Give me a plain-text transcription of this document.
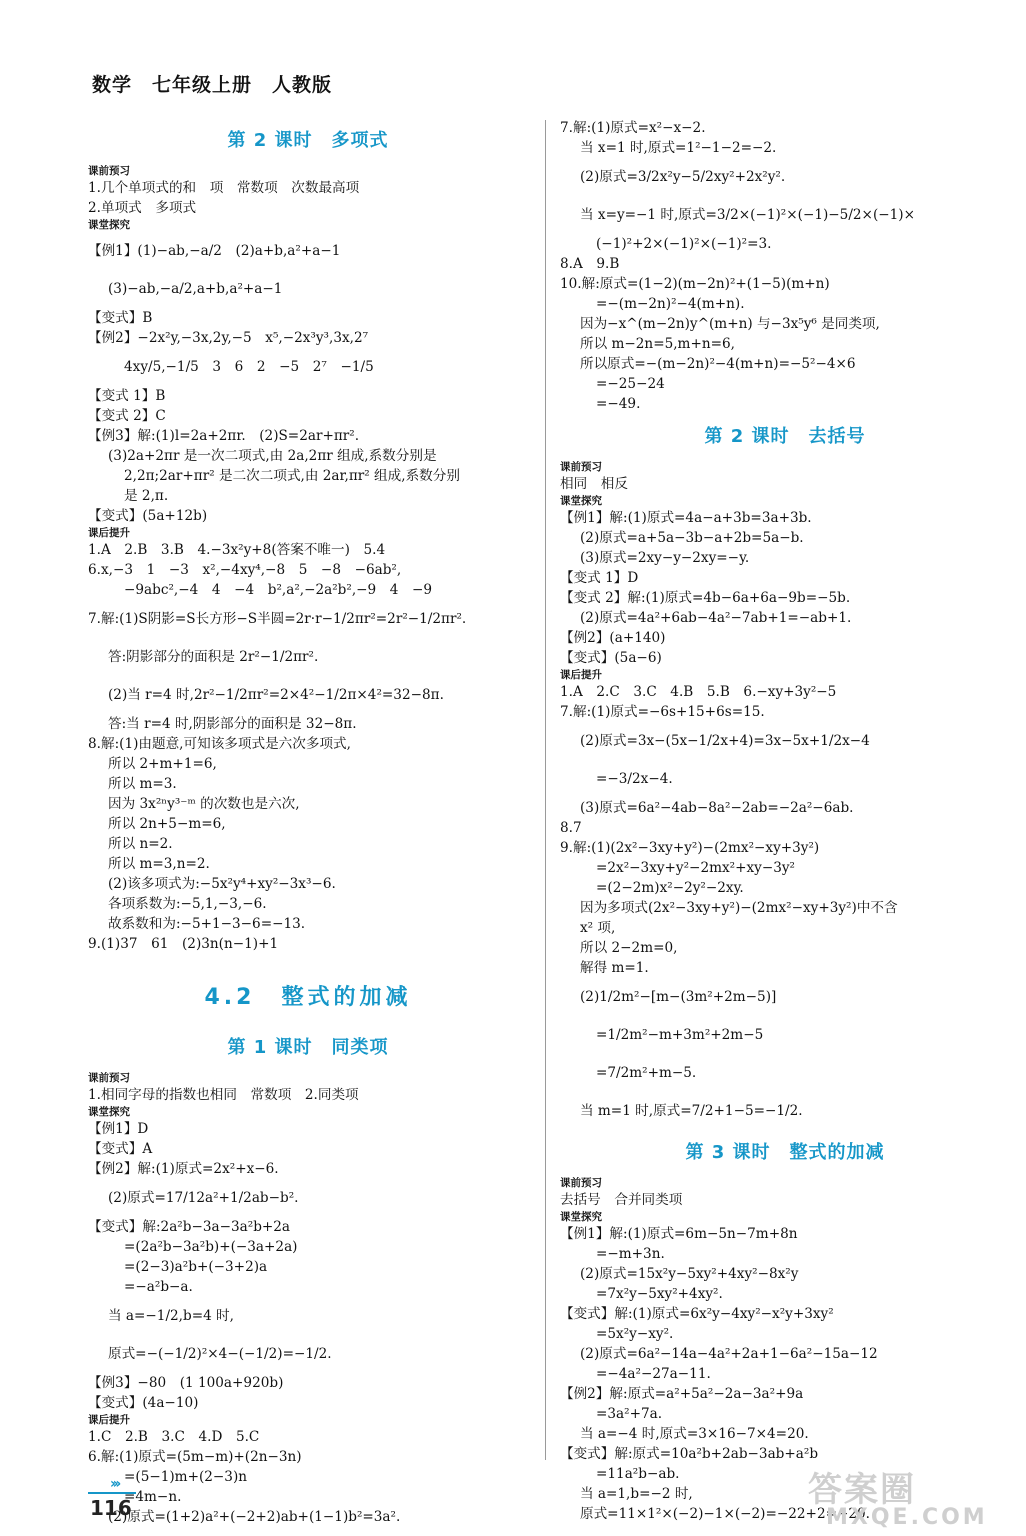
数学　七年级上册　人教版
第 2 课时　多项式
课前预习
1.几个单项式的和　项　常数项　次数最高项
2.单项式　多项式
课堂探究
【例1】(1)−ab,−a/2　(2)a+b,a²+a−1
(3)−ab,−a/2,a+b,a²+a−1
【变式】B
【例2】−2x²y,−3x,2y,−5　x⁵,−2x³y³,3x,2⁷
4xy/5,−1/5　3　6　2　−5　2⁷　−1/5
【变式 1】B
【变式 2】C
【例3】解:(1)l=2a+2πr.　(2)S=2ar+πr².
(3)2a+2πr 是一次二项式,由 2a,2πr 组成,系数分别是
2,2π;2ar+πr² 是二次二项式,由 2ar,πr² 组成,系数分别
是 2,π.
【变式】(5a+12b)
课后提升
1.A　2.B　3.B　4.−3x²y+8(答案不唯一)　5.4
6.x,−3　1　−3　x²,−4xy⁴,−8　5　−8　−6ab²,
−9abc²,−4　4　−4　b²,a²,−2a²b²,−9　4　−9
7.解:(1)S阴影=S长方形−S半圆=2r·r−1/2πr²=2r²−1/2πr².
答:阴影部分的面积是 2r²−1/2πr².
(2)当 r=4 时,2r²−1/2πr²=2×4²−1/2π×4²=32−8π.
答:当 r=4 时,阴影部分的面积是 32−8π.
8.解:(1)由题意,可知该多项式是六次多项式,
所以 2+m+1=6,
所以 m=3.
因为 3x²ⁿy³⁻ᵐ 的次数也是六次,
所以 2n+5−m=6,
所以 n=2.
所以 m=3,n=2.
(2)该多项式为:−5x²y⁴+xy²−3x³−6.
各项系数为:−5,1,−3,−6.
故系数和为:−5+1−3−6=−13.
9.(1)37　61　(2)3n(n−1)+1
4.2　整式的加减
第 1 课时　同类项
课前预习
1.相同字母的指数也相同　常数项　2.同类项
课堂探究
【例1】D
【变式】A
【例2】解:(1)原式=2x²+x−6.
(2)原式=17/12a²+1/2ab−b².
【变式】解:2a²b−3a−3a²b+2a
=(2a²b−3a²b)+(−3a+2a)
=(2−3)a²b+(−3+2)a
=−a²b−a.
当 a=−1/2,b=4 时,
原式=−(−1/2)²×4−(−1/2)=−1/2.
【例3】−80　(1 100a+920b)
【变式】(4a−10)
课后提升
1.C　2.B　3.C　4.D　5.C
6.解:(1)原式=(5m−m)+(2n−3n)
=(5−1)m+(2−3)n
=4m−n.
(2)原式=(1+2)a²+(−2+2)ab+(1−1)b²=3a².
7.解:(1)原式=x²−x−2.
当 x=1 时,原式=1²−1−2=−2.
(2)原式=3/2x²y−5/2xy²+2x²y².
当 x=y=−1 时,原式=3/2×(−1)²×(−1)−5/2×(−1)×
(−1)²+2×(−1)²×(−1)²=3.
8.A　9.B
10.解:原式=(1−2)(m−2n)²+(1−5)(m+n)
=−(m−2n)²−4(m+n).
因为−x^(m−2n)y^(m+n) 与−3x⁵y⁶ 是同类项,
所以 m−2n=5,m+n=6,
所以原式=−(m−2n)²−4(m+n)=−5²−4×6
=−25−24
=−49.
第 2 课时　去括号
课前预习
相同　相反
课堂探究
【例1】解:(1)原式=4a−a+3b=3a+3b.
(2)原式=a+5a−3b−a+2b=5a−b.
(3)原式=2xy−y−2xy=−y.
【变式 1】D
【变式 2】解:(1)原式=4b−6a+6a−9b=−5b.
(2)原式=4a²+6ab−4a²−7ab+1=−ab+1.
【例2】(a+140)
【变式】(5a−6)
课后提升
1.A　2.C　3.C　4.B　5.B　6.−xy+3y²−5
7.解:(1)原式=−6s+15+6s=15.
(2)原式=3x−(5x−1/2x+4)=3x−5x+1/2x−4
=−3/2x−4.
(3)原式=6a²−4ab−8a²−2ab=−2a²−6ab.
8.7
9.解:(1)(2x²−3xy+y²)−(2mx²−xy+3y²)
=2x²−3xy+y²−2mx²+xy−3y²
=(2−2m)x²−2y²−2xy.
因为多项式(2x²−3xy+y²)−(2mx²−xy+3y²)中不含
x² 项,
所以 2−2m=0,
解得 m=1.
(2)1/2m²−[m−(3m²+2m−5)]
=1/2m²−m+3m²+2m−5
=7/2m²+m−5.
当 m=1 时,原式=7/2+1−5=−1/2.
第 3 课时　整式的加减
课前预习
去括号　合并同类项
课堂探究
【例1】解:(1)原式=6m−5n−7m+8n
=−m+3n.
(2)原式=15x²y−5xy²+4xy²−8x²y
=7x²y−5xy²+4xy².
【变式】解:(1)原式=6x²y−4xy²−x²y+3xy²
=5x²y−xy².
(2)原式=6a²−14a−4a²+2a+1−6a²−15a−12
=−4a²−27a−11.
【例2】解:原式=a²+5a²−2a−3a²+9a
=3a²+7a.
当 a=−4 时,原式=3×16−7×4=20.
【变式】解:原式=10a²b+2ab−3ab+a²b
=11a²b−ab.
当 a=1,b=−2 时,
原式=11×1²×(−2)−1×(−2)=−22+2=−20.
›››
116	答案圈
MXQE.COM
